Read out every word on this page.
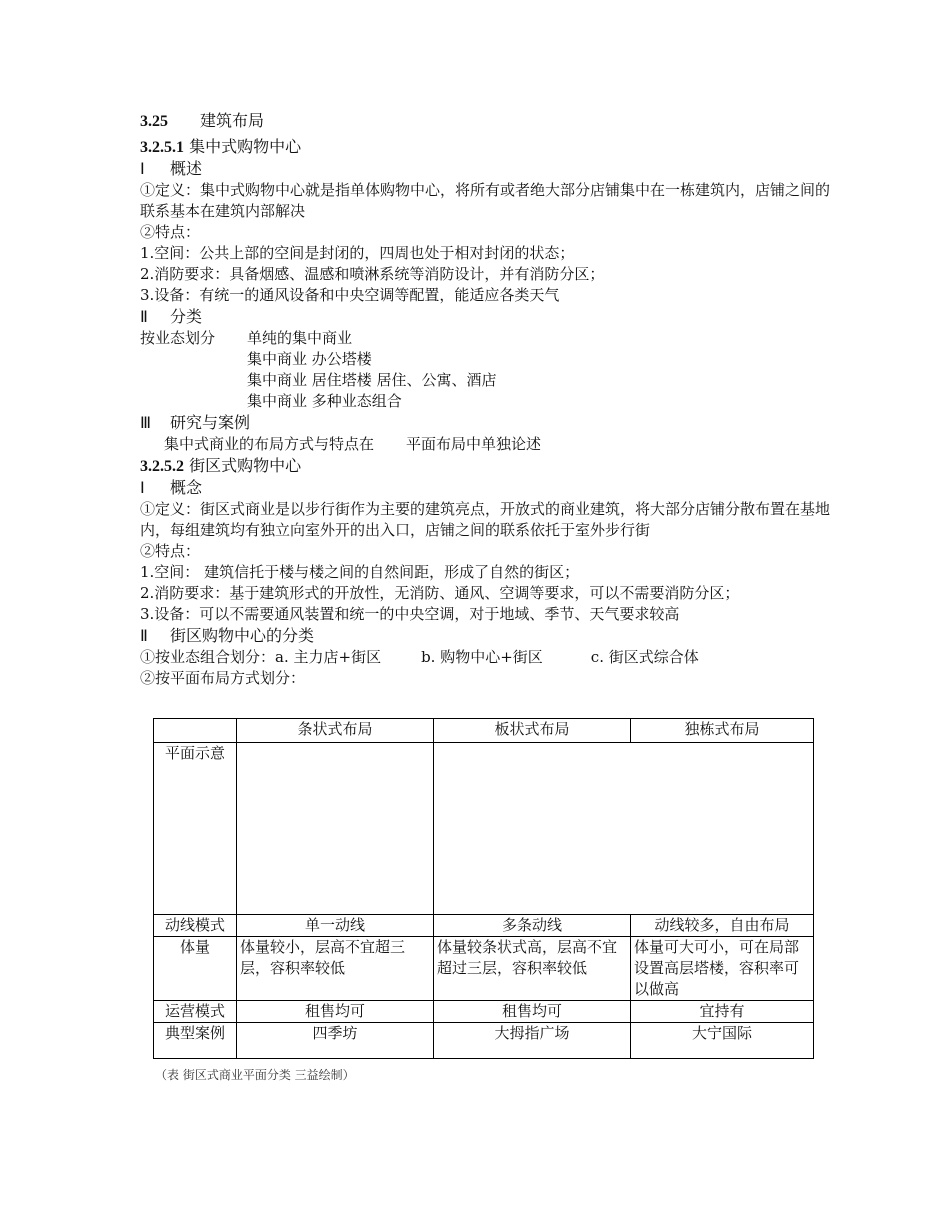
3.25 建筑布局
3.2.5.1 集中式购物中心
Ⅰ 概述
①定义：集中式购物中心就是指单体购物中心，将所有或者绝大部分店铺集中在一栋建筑内，店铺之间的联系基本在建筑内部解决
②特点：
1.空间：公共上部的空间是封闭的，四周也处于相对封闭的状态；
2.消防要求：具备烟感、温感和喷淋系统等消防设计，并有消防分区；
3.设备：有统一的通风设备和中央空调等配置，能适应各类天气
Ⅱ 分类
按业态划分 单纯的集中商业
集中商业 办公塔楼
集中商业 居住塔楼 居住、公寓、酒店
集中商业 多种业态组合
Ⅲ 研究与案例
集中式商业的布局方式与特点在 平面布局中单独论述
3.2.5.2 街区式购物中心
Ⅰ 概念
①定义：街区式商业是以步行街作为主要的建筑亮点，开放式的商业建筑，将大部分店铺分散布置在基地内，每组建筑均有独立向室外开的出入口，店铺之间的联系依托于室外步行街
②特点：
1.空间： 建筑信托于楼与楼之间的自然间距，形成了自然的街区；
2.消防要求：基于建筑形式的开放性，无消防、通风、空调等要求，可以不需要消防分区；
3.设备：可以不需要通风装置和统一的中央空调，对于地域、季节、天气要求较高
Ⅱ 街区购物中心的分类
①按业态组合划分：a. 主力店+街区	b. 购物中心+街区	c. 街区式综合体
②按平面布局方式划分：
	条状式布局	板状式布局	独栋式布局
平面示意			
动线模式	单一动线	多条动线	动线较多，自由布局
体量	体量较小，层高不宜超三层，容积率较低	体量较条状式高，层高不宜超过三层，容积率较低	体量可大可小，可在局部设置高层塔楼，容积率可以做高
运营模式	租售均可	租售均可	宜持有
典型案例	四季坊	大拇指广场	大宁国际
（表 街区式商业平面分类 三益绘制）
